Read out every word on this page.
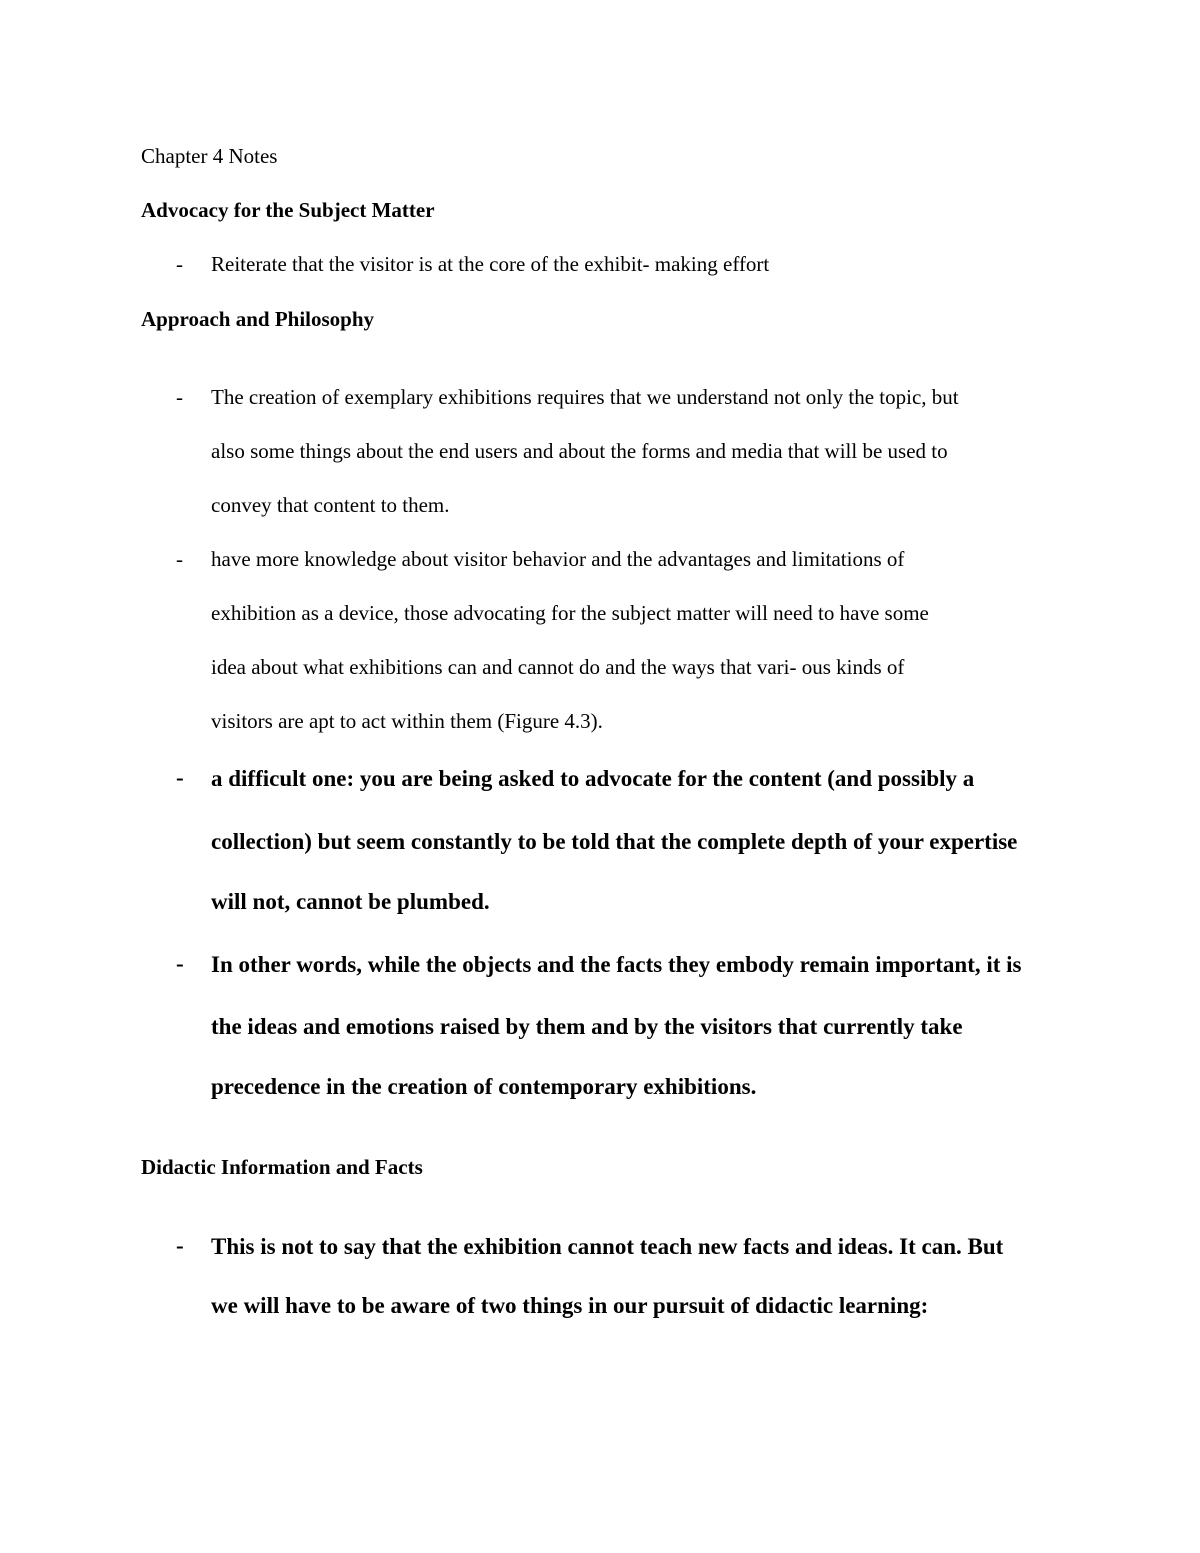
Chapter 4 Notes
Advocacy for the Subject Matter
- Reiterate that the visitor is at the core of the exhibit- making effort
Approach and Philosophy
- The creation of exemplary exhibitions requires that we understand not only the topic, but
also some things about the end users and about the forms and media that will be used to
convey that content to them.
- have more knowledge about visitor behavior and the advantages and limitations of
exhibition as a device, those advocating for the subject matter will need to have some
idea about what exhibitions can and cannot do and the ways that vari- ous kinds of
visitors are apt to act within them (Figure 4.3).
- a difficult one: you are being asked to advocate for the content (and possibly a
collection) but seem constantly to be told that the complete depth of your expertise
will not, cannot be plumbed.
- In other words, while the objects and the facts they embody remain important, it is
the ideas and emotions raised by them and by the visitors that currently take
precedence in the creation of contemporary exhibitions.
Didactic Information and Facts
- This is not to say that the exhibition cannot teach new facts and ideas. It can. But
we will have to be aware of two things in our pursuit of didactic learning:
